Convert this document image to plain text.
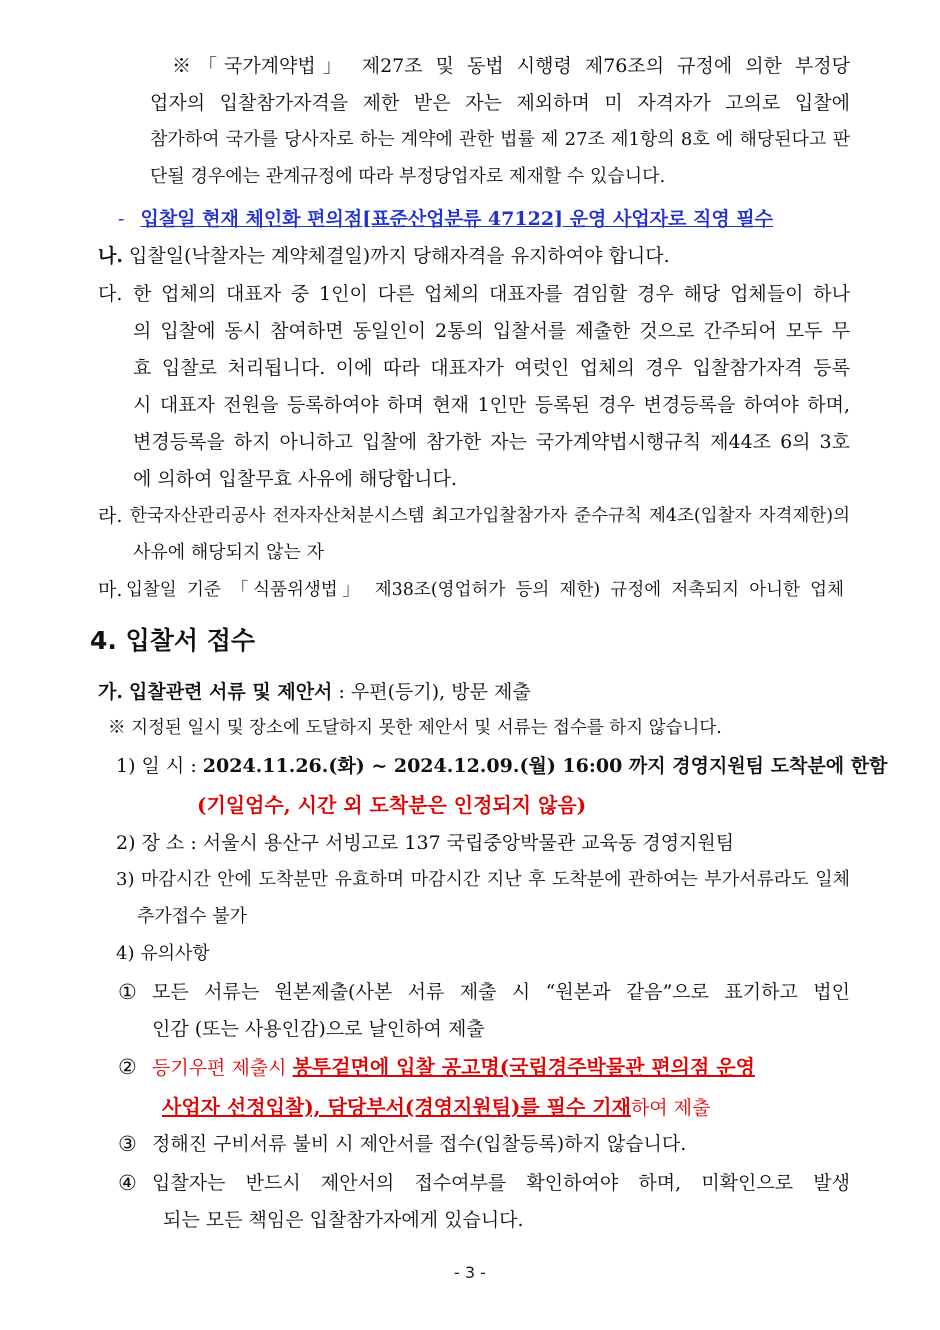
※「국가계약법」 제27조 및 동법 시행령 제76조의 규정에 의한 부정당
업자의 입찰참가자격을 제한 받은 자는 제외하며 미 자격자가 고의로 입찰에
참가하여 국가를 당사자로 하는 계약에 관한 법률 제 27조 제1항의 8호 에 해당된다고 판
단될 경우에는 관계규정에 따라 부정당업자로 제재할 수 있습니다.
- 입찰일 현재 체인화 편의점[표준산업분류 47122] 운영 사업자로 직영 필수
나. 입찰일(낙찰자는 계약체결일)까지 당해자격을 유지하여야 합니다.
다. 한 업체의 대표자 중 1인이 다른 업체의 대표자를 겸임할 경우 해당 업체들이 하나
의 입찰에 동시 참여하면 동일인이 2통의 입찰서를 제출한 것으로 간주되어 모두 무
효 입찰로 처리됩니다. 이에 따라 대표자가 여럿인 업체의 경우 입찰참가자격 등록
시 대표자 전원을 등록하여야 하며 현재 1인만 등록된 경우 변경등록을 하여야 하며,
변경등록을 하지 아니하고 입찰에 참가한 자는 국가계약법시행규칙 제44조 6의 3호
에 의하여 입찰무효 사유에 해당합니다.
라. 한국자산관리공사 전자자산처분시스템 최고가입찰참가자 준수규칙 제4조(입찰자 자격제한)의
사유에 해당되지 않는 자
마. 입찰일 기준 「식품위생법」 제38조(영업허가 등의 제한) 규정에 저촉되지 아니한 업체
4. 입찰서 접수
가. 입찰관련 서류 및 제안서 : 우편(등기), 방문 제출
※ 지정된 일시 및 장소에 도달하지 못한 제안서 및 서류는 접수를 하지 않습니다.
1) 일 시 : 2024.11.26.(화) ~ 2024.12.09.(월) 16:00 까지 경영지원팀 도착분에 한함
(기일엄수, 시간 외 도착분은 인정되지 않음)
2) 장 소 : 서울시 용산구 서빙고로 137 국립중앙박물관 교육동 경영지원팀
3) 마감시간 안에 도착분만 유효하며 마감시간 지난 후 도착분에 관하여는 부가서류라도 일체
추가접수 불가
4) 유의사항
① 모든 서류는 원본제출(사본 서류 제출 시 “원본과 같음”으로 표기하고 법인
인감 (또는 사용인감)으로 날인하여 제출
② 등기우편 제출시 봉투겉면에 입찰 공고명(국립경주박물관 편의점 운영
사업자 선정입찰), 담당부서(경영지원팀)를 필수 기재하여 제출
③ 정해진 구비서류 불비 시 제안서를 접수(입찰등록)하지 않습니다.
④ 입찰자는 반드시 제안서의 접수여부를 확인하여야 하며, 미확인으로 발생
되는 모든 책임은 입찰참가자에게 있습니다.
- 3 -
